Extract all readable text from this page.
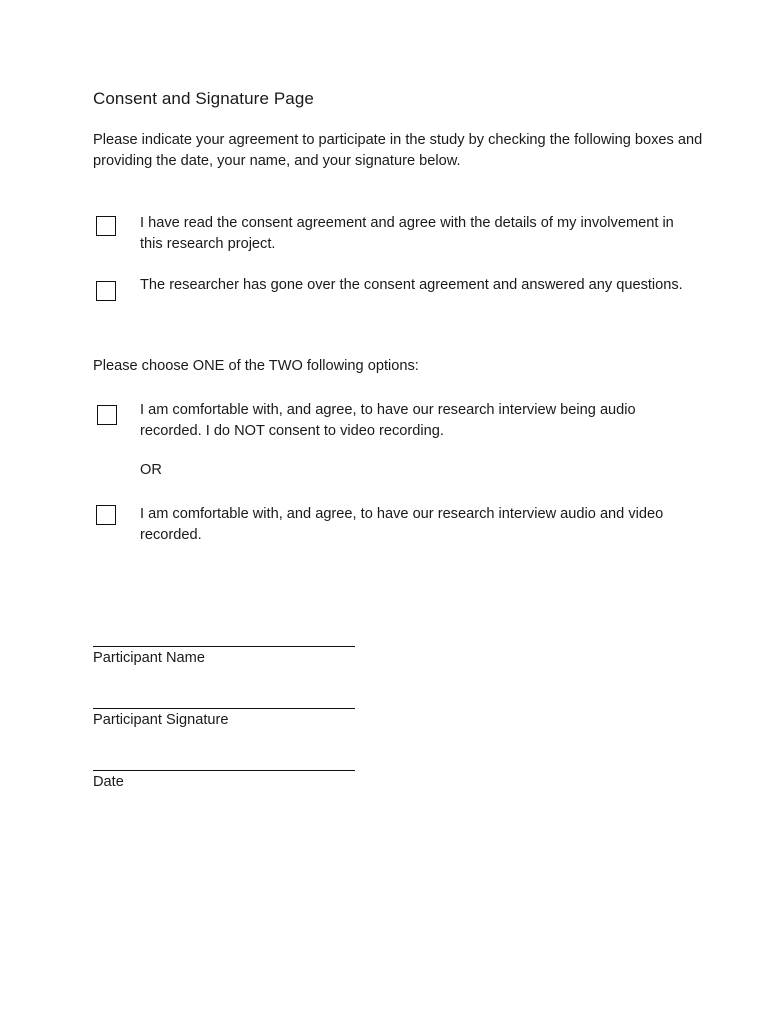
Consent and Signature Page
Please indicate your agreement to participate in the study by checking the following boxes and providing the date, your name, and your signature below.
I have read the consent agreement and agree with the details of my involvement in this research project.
The researcher has gone over the consent agreement and answered any questions.
Please choose ONE of the TWO following options:
I am comfortable with, and agree, to have our research interview being audio recorded. I do NOT consent to video recording.
OR
I am comfortable with, and agree, to have our research interview audio and video recorded.
Participant Name
Participant Signature
Date
